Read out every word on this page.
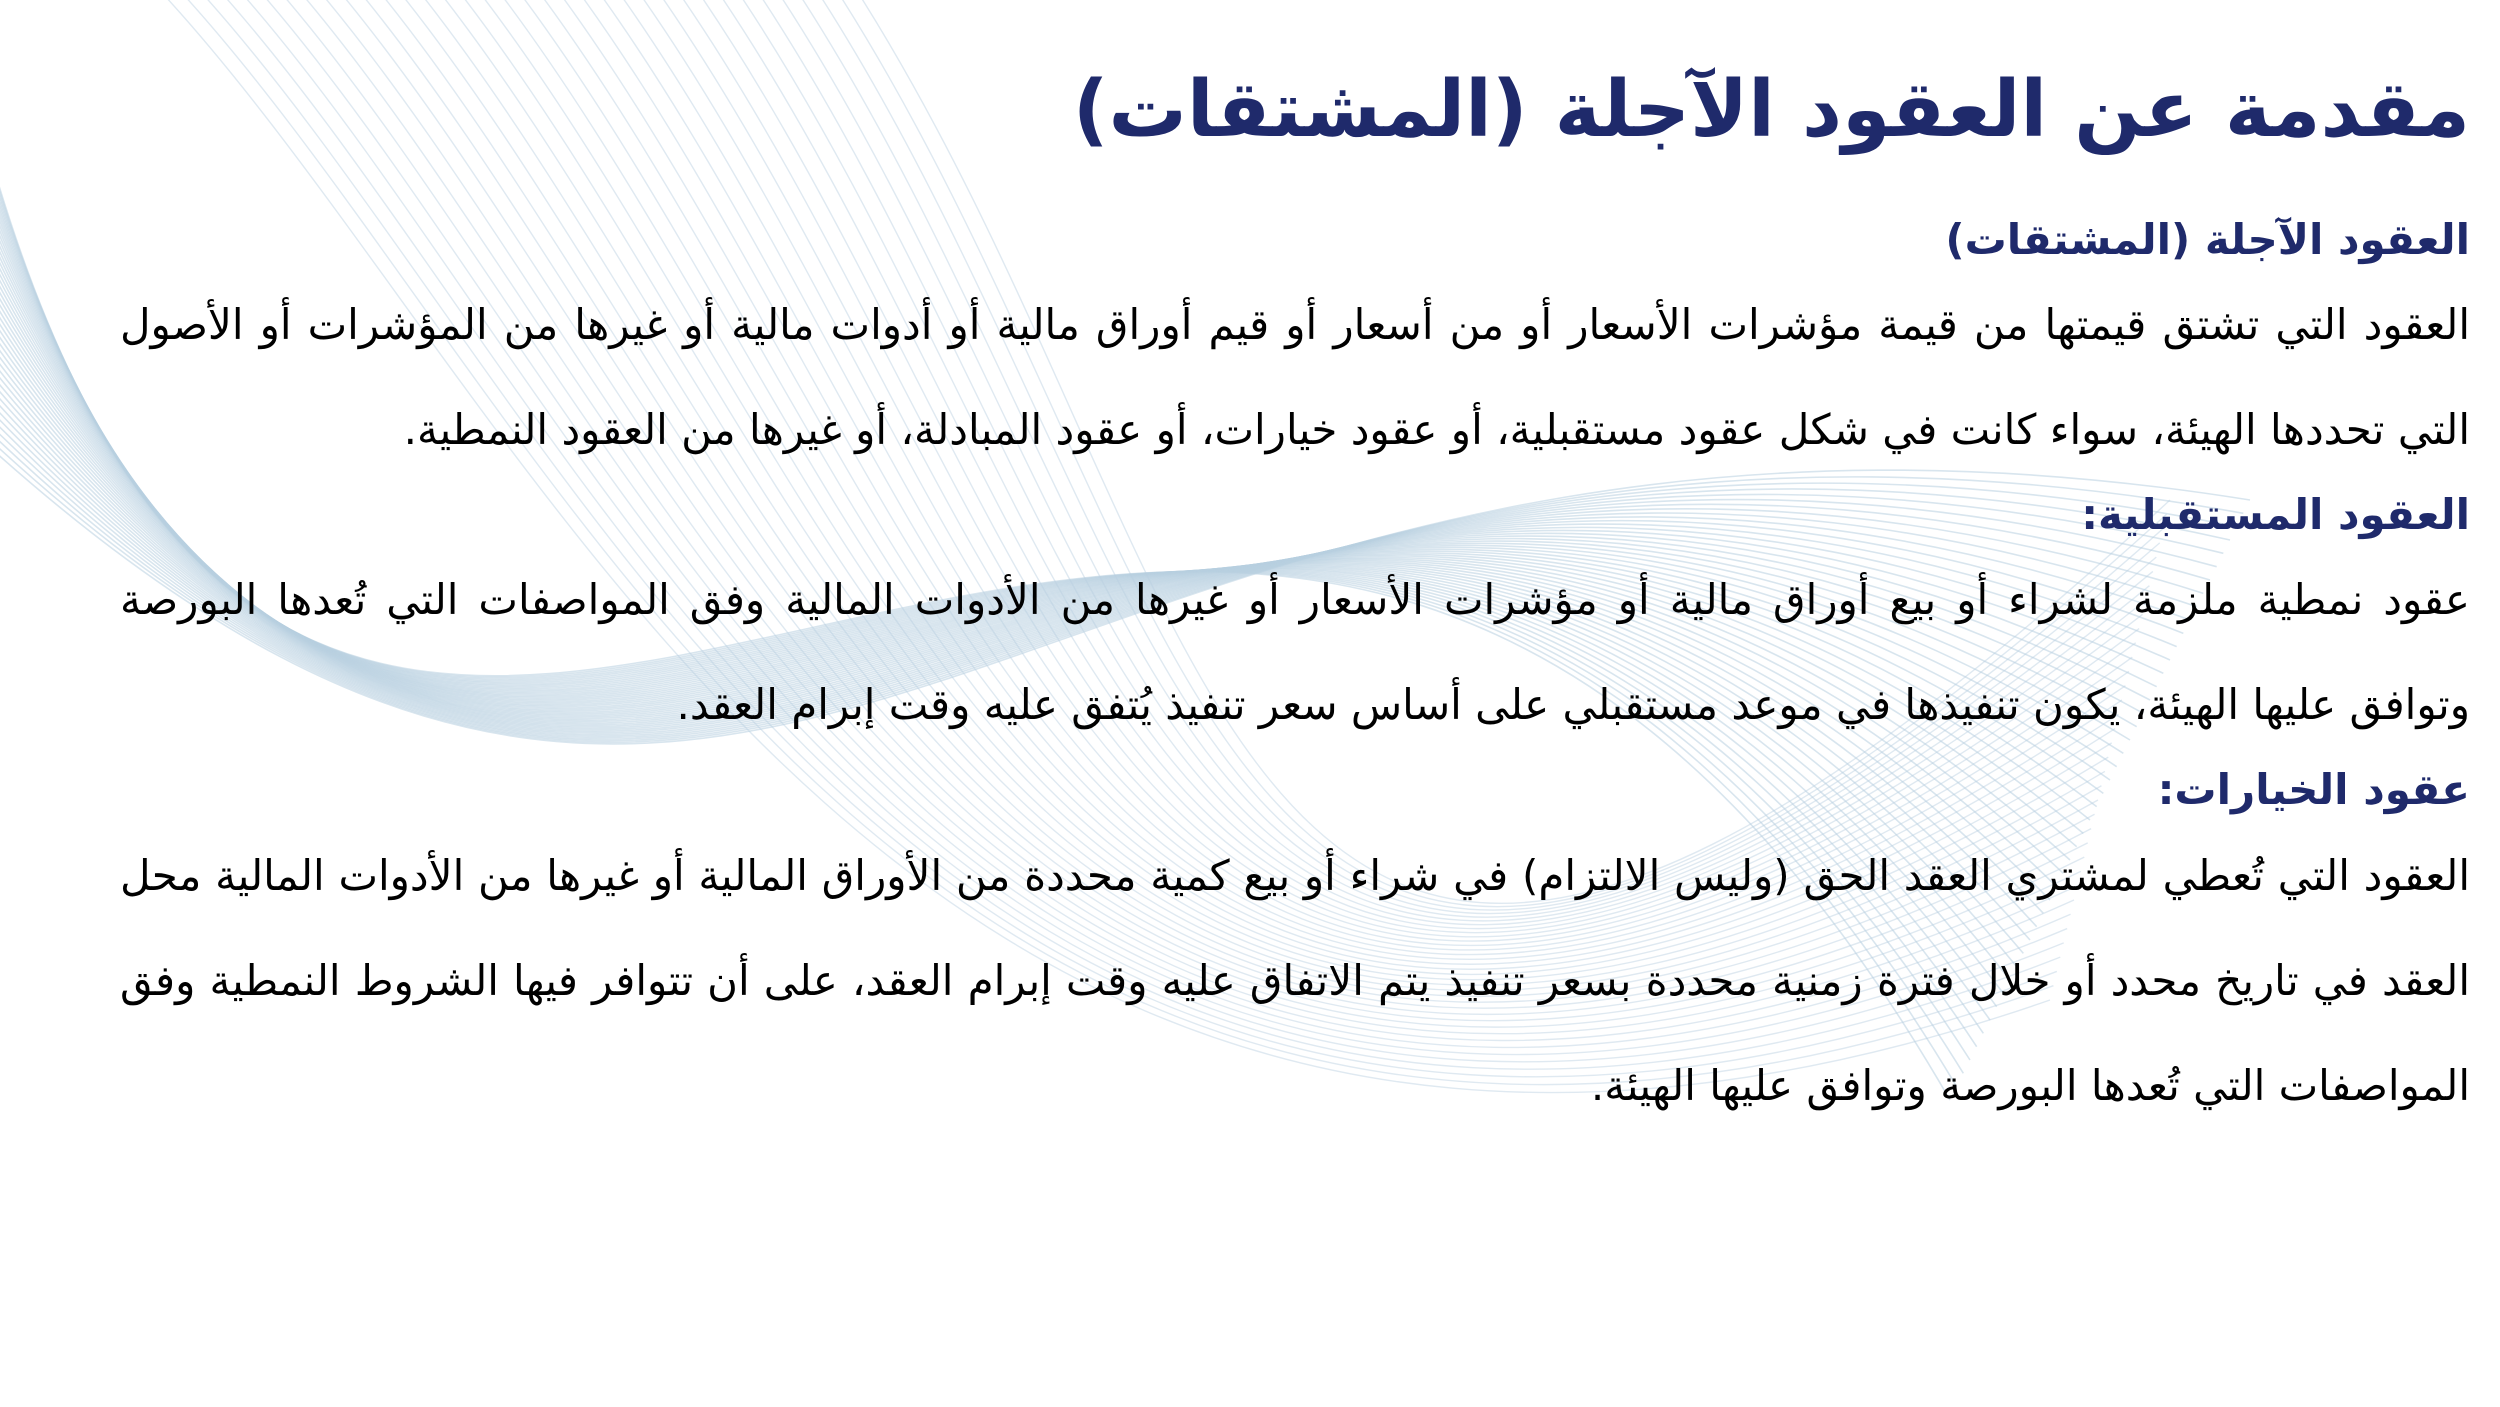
مقدمة عن العقود الآجلة (المشتقات)
العقود الآجلة (المشتقات)

العقود التي تشتق قيمتها من قيمة مؤشرات الأسعار أو من أسعار أو قيم أوراق مالية أو أدوات مالية أو غيرها من المؤشرات أو الأصول التي تحددها الهيئة، سواء كانت في شكل عقود مستقبلية، أو عقود خيارات، أو عقود المبادلة، أو غيرها من العقود النمطية.

العقود المستقبلية:

عقود نمطية ملزمة لشراء أو بيع أوراق مالية أو مؤشرات الأسعار أو غيرها من الأدوات المالية وفق المواصفات التي تُعدها البورصة وتوافق عليها الهيئة، يكون تنفيذها في موعد مستقبلي على أساس سعر تنفيذ يُتفق عليه وقت إبرام العقد.

عقود الخيارات:

العقود التي تُعطي لمشتري العقد الحق (وليس الالتزام) في شراء أو بيع كمية محددة من الأوراق المالية أو غيرها من الأدوات المالية محل العقد في تاريخ محدد أو خلال فترة زمنية محددة بسعر تنفيذ يتم الاتفاق عليه وقت إبرام العقد، على أن تتوافر فيها الشروط النمطية وفق المواصفات التي تُعدها البورصة وتوافق عليها الهيئة.
